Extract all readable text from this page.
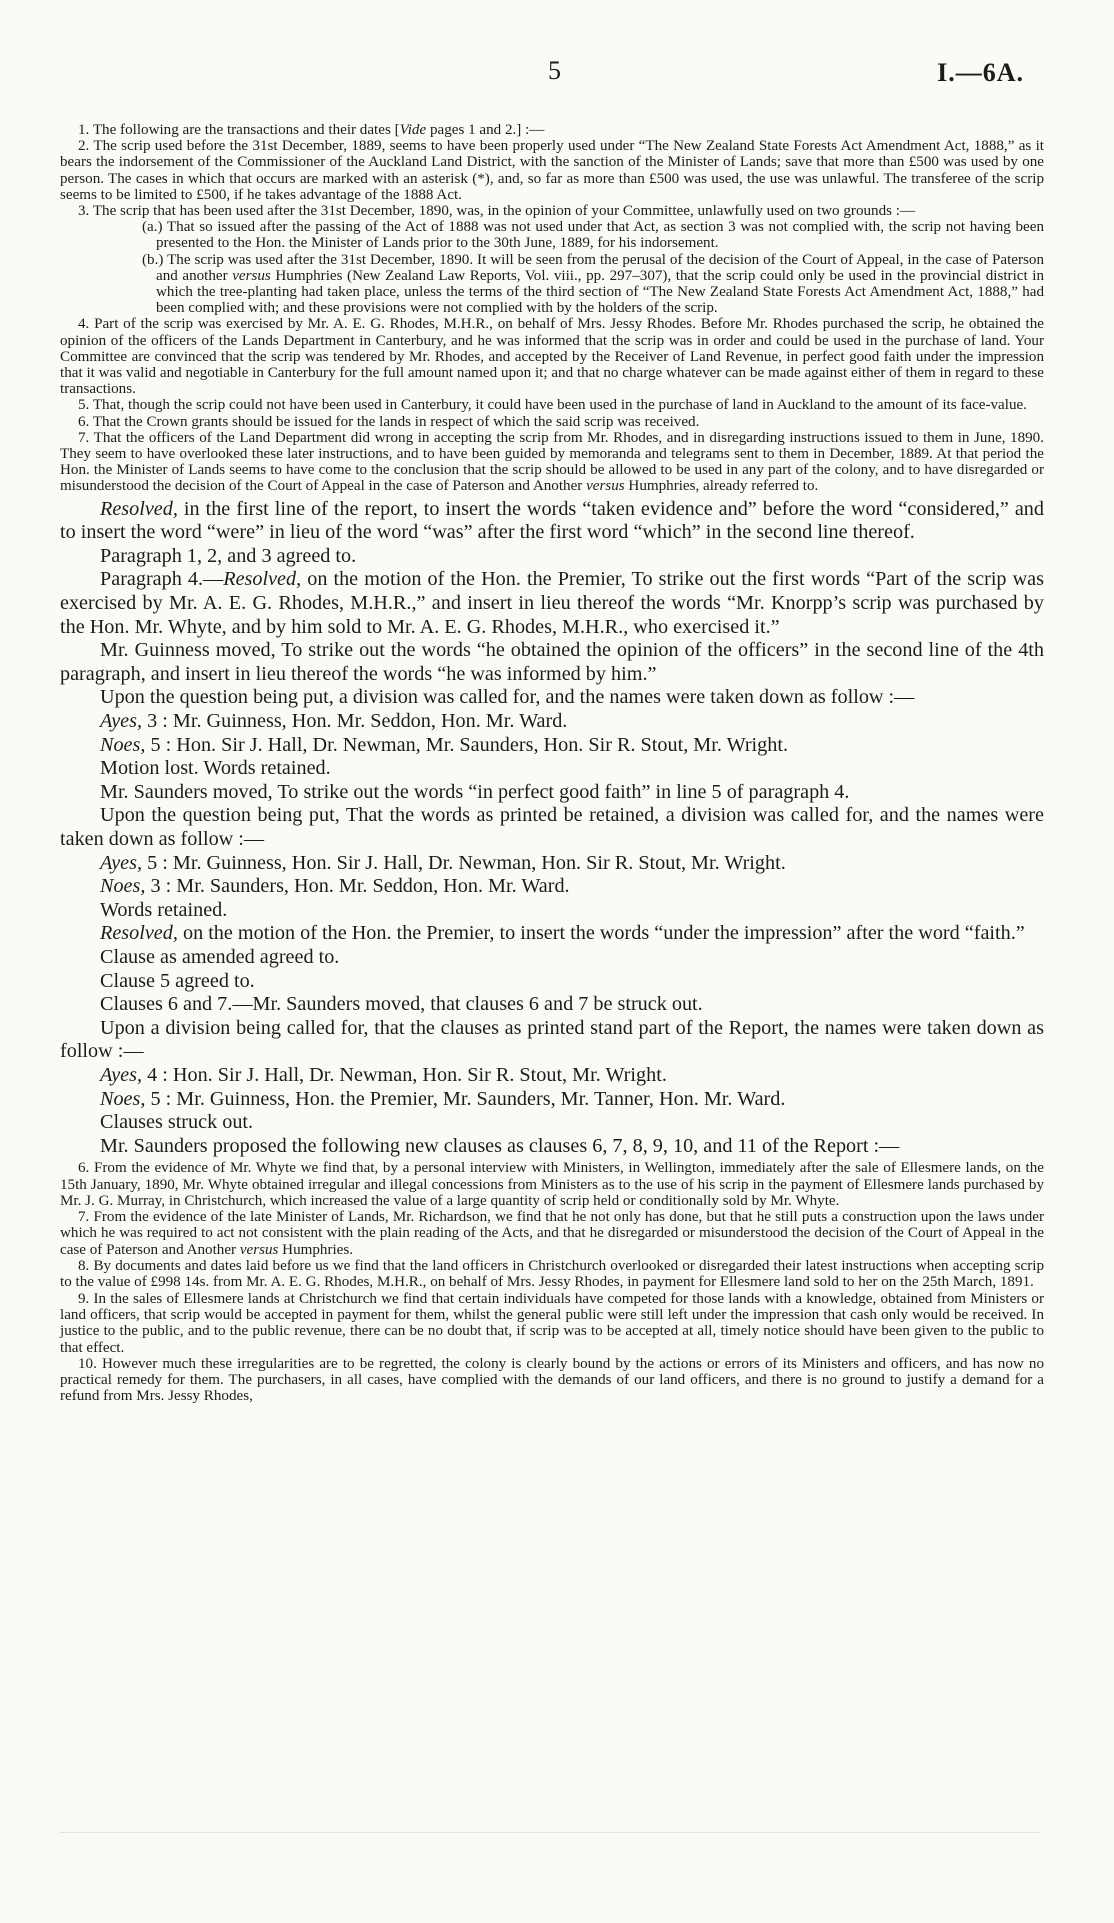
5	I.—6A.

1. The following are the transactions and their dates [Vide pages 1 and 2.] :—

2. The scrip used before the 31st December, 1889, seems to have been properly used under “The New Zealand State Forests Act Amendment Act, 1888,” as it bears the indorsement of the Commissioner of the Auckland Land District, with the sanction of the Minister of Lands; save that more than £500 was used by one person. The cases in which that occurs are marked with an asterisk (*), and, so far as more than £500 was used, the use was unlawful. The transferee of the scrip seems to be limited to £500, if he takes advantage of the 1888 Act.

3. The scrip that has been used after the 31st December, 1890, was, in the opinion of your Committee, unlawfully used on two grounds :—

(a.) That so issued after the passing of the Act of 1888 was not used under that Act, as section 3 was not complied with, the scrip not having been presented to the Hon. the Minister of Lands prior to the 30th June, 1889, for his indorsement.

(b.) The scrip was used after the 31st December, 1890. It will be seen from the perusal of the decision of the Court of Appeal, in the case of Paterson and another versus Humphries (New Zealand Law Reports, Vol. viii., pp. 297–307), that the scrip could only be used in the provincial district in which the tree-planting had taken place, unless the terms of the third section of “The New Zealand State Forests Act Amendment Act, 1888,” had been complied with; and these provisions were not complied with by the holders of the scrip.

4. Part of the scrip was exercised by Mr. A. E. G. Rhodes, M.H.R., on behalf of Mrs. Jessy Rhodes. Before Mr. Rhodes purchased the scrip, he obtained the opinion of the officers of the Lands Department in Canterbury, and he was informed that the scrip was in order and could be used in the purchase of land. Your Committee are convinced that the scrip was tendered by Mr. Rhodes, and accepted by the Receiver of Land Revenue, in perfect good faith under the impression that it was valid and negotiable in Canterbury for the full amount named upon it; and that no charge whatever can be made against either of them in regard to these transactions.

5. That, though the scrip could not have been used in Canterbury, it could have been used in the purchase of land in Auckland to the amount of its face-value.

6. That the Crown grants should be issued for the lands in respect of which the said scrip was received.

7. That the officers of the Land Department did wrong in accepting the scrip from Mr. Rhodes, and in disregarding instructions issued to them in June, 1890. They seem to have overlooked these later instructions, and to have been guided by memoranda and telegrams sent to them in December, 1889. At that period the Hon. the Minister of Lands seems to have come to the conclusion that the scrip should be allowed to be used in any part of the colony, and to have disregarded or misunderstood the decision of the Court of Appeal in the case of Paterson and Another versus Humphries, already referred to.

Resolved, in the first line of the report, to insert the words “taken evidence and” before the word “considered,” and to insert the word “were” in lieu of the word “was” after the first word “which” in the second line thereof.

Paragraph 1, 2, and 3 agreed to.

Paragraph 4.—Resolved, on the motion of the Hon. the Premier, To strike out the first words “Part of the scrip was exercised by Mr. A. E. G. Rhodes, M.H.R.,” and insert in lieu thereof the words “Mr. Knorpp’s scrip was purchased by the Hon. Mr. Whyte, and by him sold to Mr. A. E. G. Rhodes, M.H.R., who exercised it.”

Mr. Guinness moved, To strike out the words “he obtained the opinion of the officers” in the second line of the 4th paragraph, and insert in lieu thereof the words “he was informed by him.”

Upon the question being put, a division was called for, and the names were taken down as follow :—

Ayes, 3 : Mr. Guinness, Hon. Mr. Seddon, Hon. Mr. Ward.

Noes, 5 : Hon. Sir J. Hall, Dr. Newman, Mr. Saunders, Hon. Sir R. Stout, Mr. Wright.

Motion lost. Words retained.

Mr. Saunders moved, To strike out the words “in perfect good faith” in line 5 of paragraph 4.

Upon the question being put, That the words as printed be retained, a division was called for, and the names were taken down as follow :—

Ayes, 5 : Mr. Guinness, Hon. Sir J. Hall, Dr. Newman, Hon. Sir R. Stout, Mr. Wright.

Noes, 3 : Mr. Saunders, Hon. Mr. Seddon, Hon. Mr. Ward.

Words retained.

Resolved, on the motion of the Hon. the Premier, to insert the words “under the impression” after the word “faith.”

Clause as amended agreed to.

Clause 5 agreed to.

Clauses 6 and 7.—Mr. Saunders moved, that clauses 6 and 7 be struck out.

Upon a division being called for, that the clauses as printed stand part of the Report, the names were taken down as follow :—

Ayes, 4 : Hon. Sir J. Hall, Dr. Newman, Hon. Sir R. Stout, Mr. Wright.

Noes, 5 : Mr. Guinness, Hon. the Premier, Mr. Saunders, Mr. Tanner, Hon. Mr. Ward.

Clauses struck out.

Mr. Saunders proposed the following new clauses as clauses 6, 7, 8, 9, 10, and 11 of the Report :—

6. From the evidence of Mr. Whyte we find that, by a personal interview with Ministers, in Wellington, immediately after the sale of Ellesmere lands, on the 15th January, 1890, Mr. Whyte obtained irregular and illegal concessions from Ministers as to the use of his scrip in the payment of Ellesmere lands purchased by Mr. J. G. Murray, in Christchurch, which increased the value of a large quantity of scrip held or conditionally sold by Mr. Whyte.

7. From the evidence of the late Minister of Lands, Mr. Richardson, we find that he not only has done, but that he still puts a construction upon the laws under which he was required to act not consistent with the plain reading of the Acts, and that he disregarded or misunderstood the decision of the Court of Appeal in the case of Paterson and Another versus Humphries.

8. By documents and dates laid before us we find that the land officers in Christchurch overlooked or disregarded their latest instructions when accepting scrip to the value of £998 14s. from Mr. A. E. G. Rhodes, M.H.R., on behalf of Mrs. Jessy Rhodes, in payment for Ellesmere land sold to her on the 25th March, 1891.

9. In the sales of Ellesmere lands at Christchurch we find that certain individuals have competed for those lands with a knowledge, obtained from Ministers or land officers, that scrip would be accepted in payment for them, whilst the general public were still left under the impression that cash only would be received. In justice to the public, and to the public revenue, there can be no doubt that, if scrip was to be accepted at all, timely notice should have been given to the public to that effect.

10. However much these irregularities are to be regretted, the colony is clearly bound by the actions or errors of its Ministers and officers, and has now no practical remedy for them. The purchasers, in all cases, have complied with the demands of our land officers, and there is no ground to justify a demand for a refund from Mrs. Jessy Rhodes,
